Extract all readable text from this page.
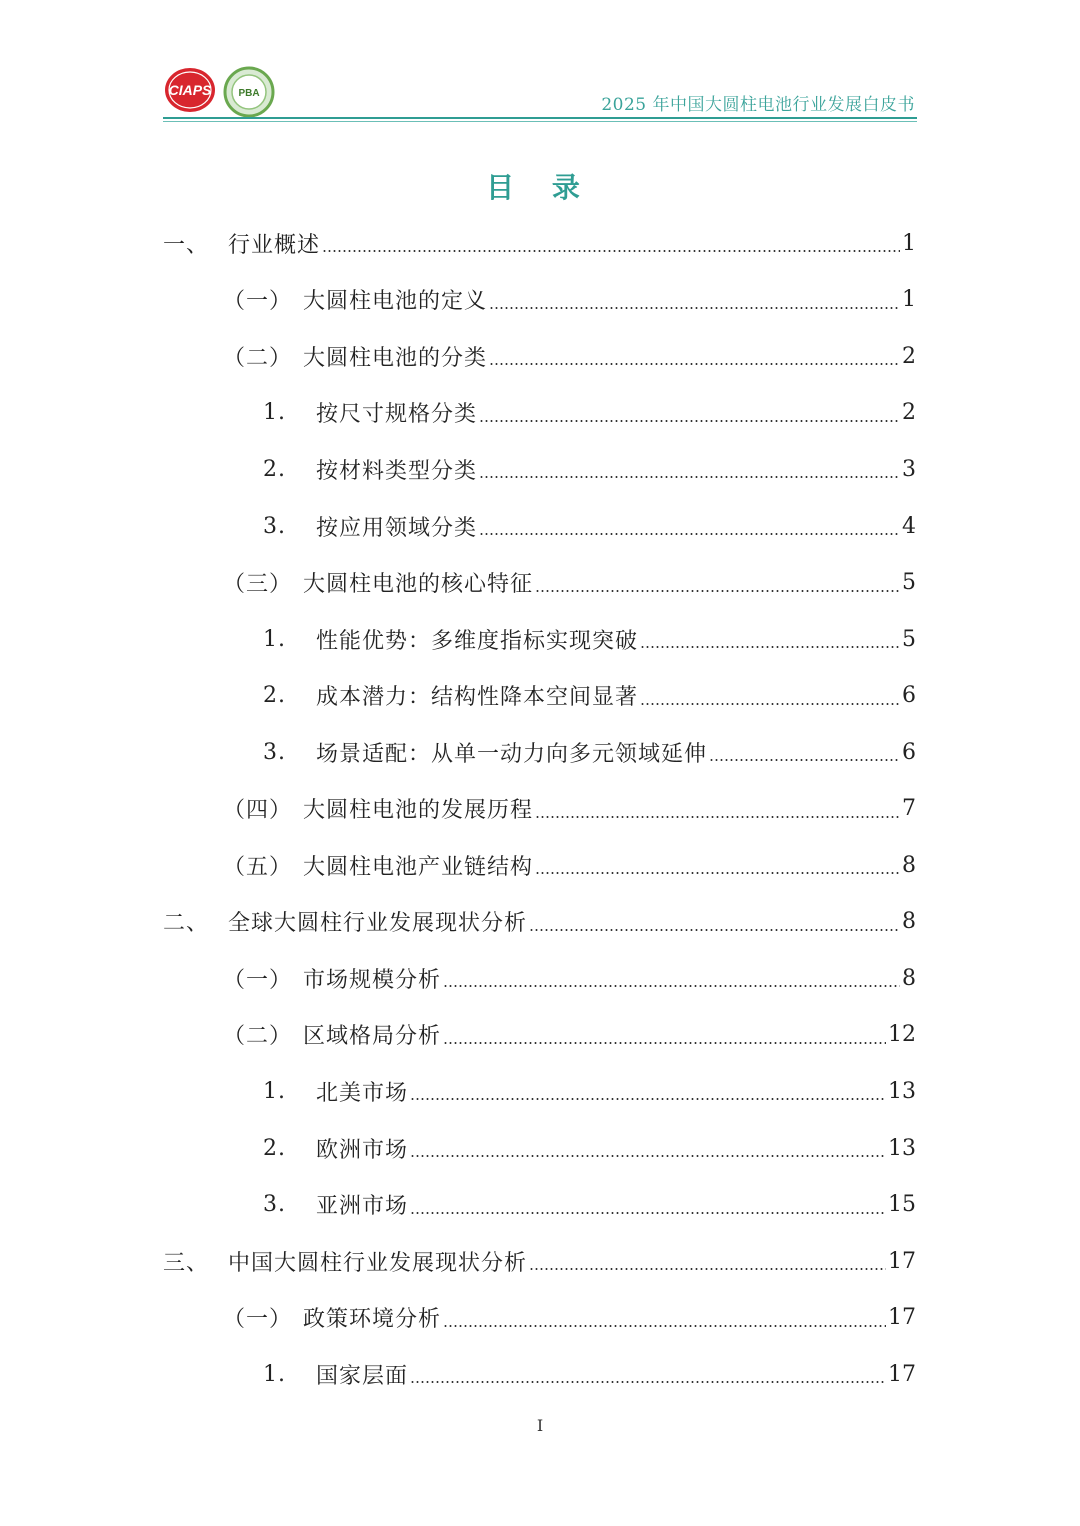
CIAPS	PBA
2025 年中国大圆柱电池行业发展白皮书
目 录
一、 行业概述	1
（一） 大圆柱电池的定义	1
（二） 大圆柱电池的分类	2
1.	按尺寸规格分类	2
2.	按材料类型分类	3
3.	按应用领域分类	4
（三） 大圆柱电池的核心特征	5
1.	性能优势：多维度指标实现突破	5
2.	成本潜力：结构性降本空间显著	6
3.	场景适配：从单一动力向多元领域延伸	6
（四） 大圆柱电池的发展历程	7
（五） 大圆柱电池产业链结构	8
二、 全球大圆柱行业发展现状分析	8
（一） 市场规模分析	8
（二） 区域格局分析	12
1.	北美市场	13
2.	欧洲市场	13
3.	亚洲市场	15
三、 中国大圆柱行业发展现状分析	17
（一） 政策环境分析	17
1.	国家层面	17
I
